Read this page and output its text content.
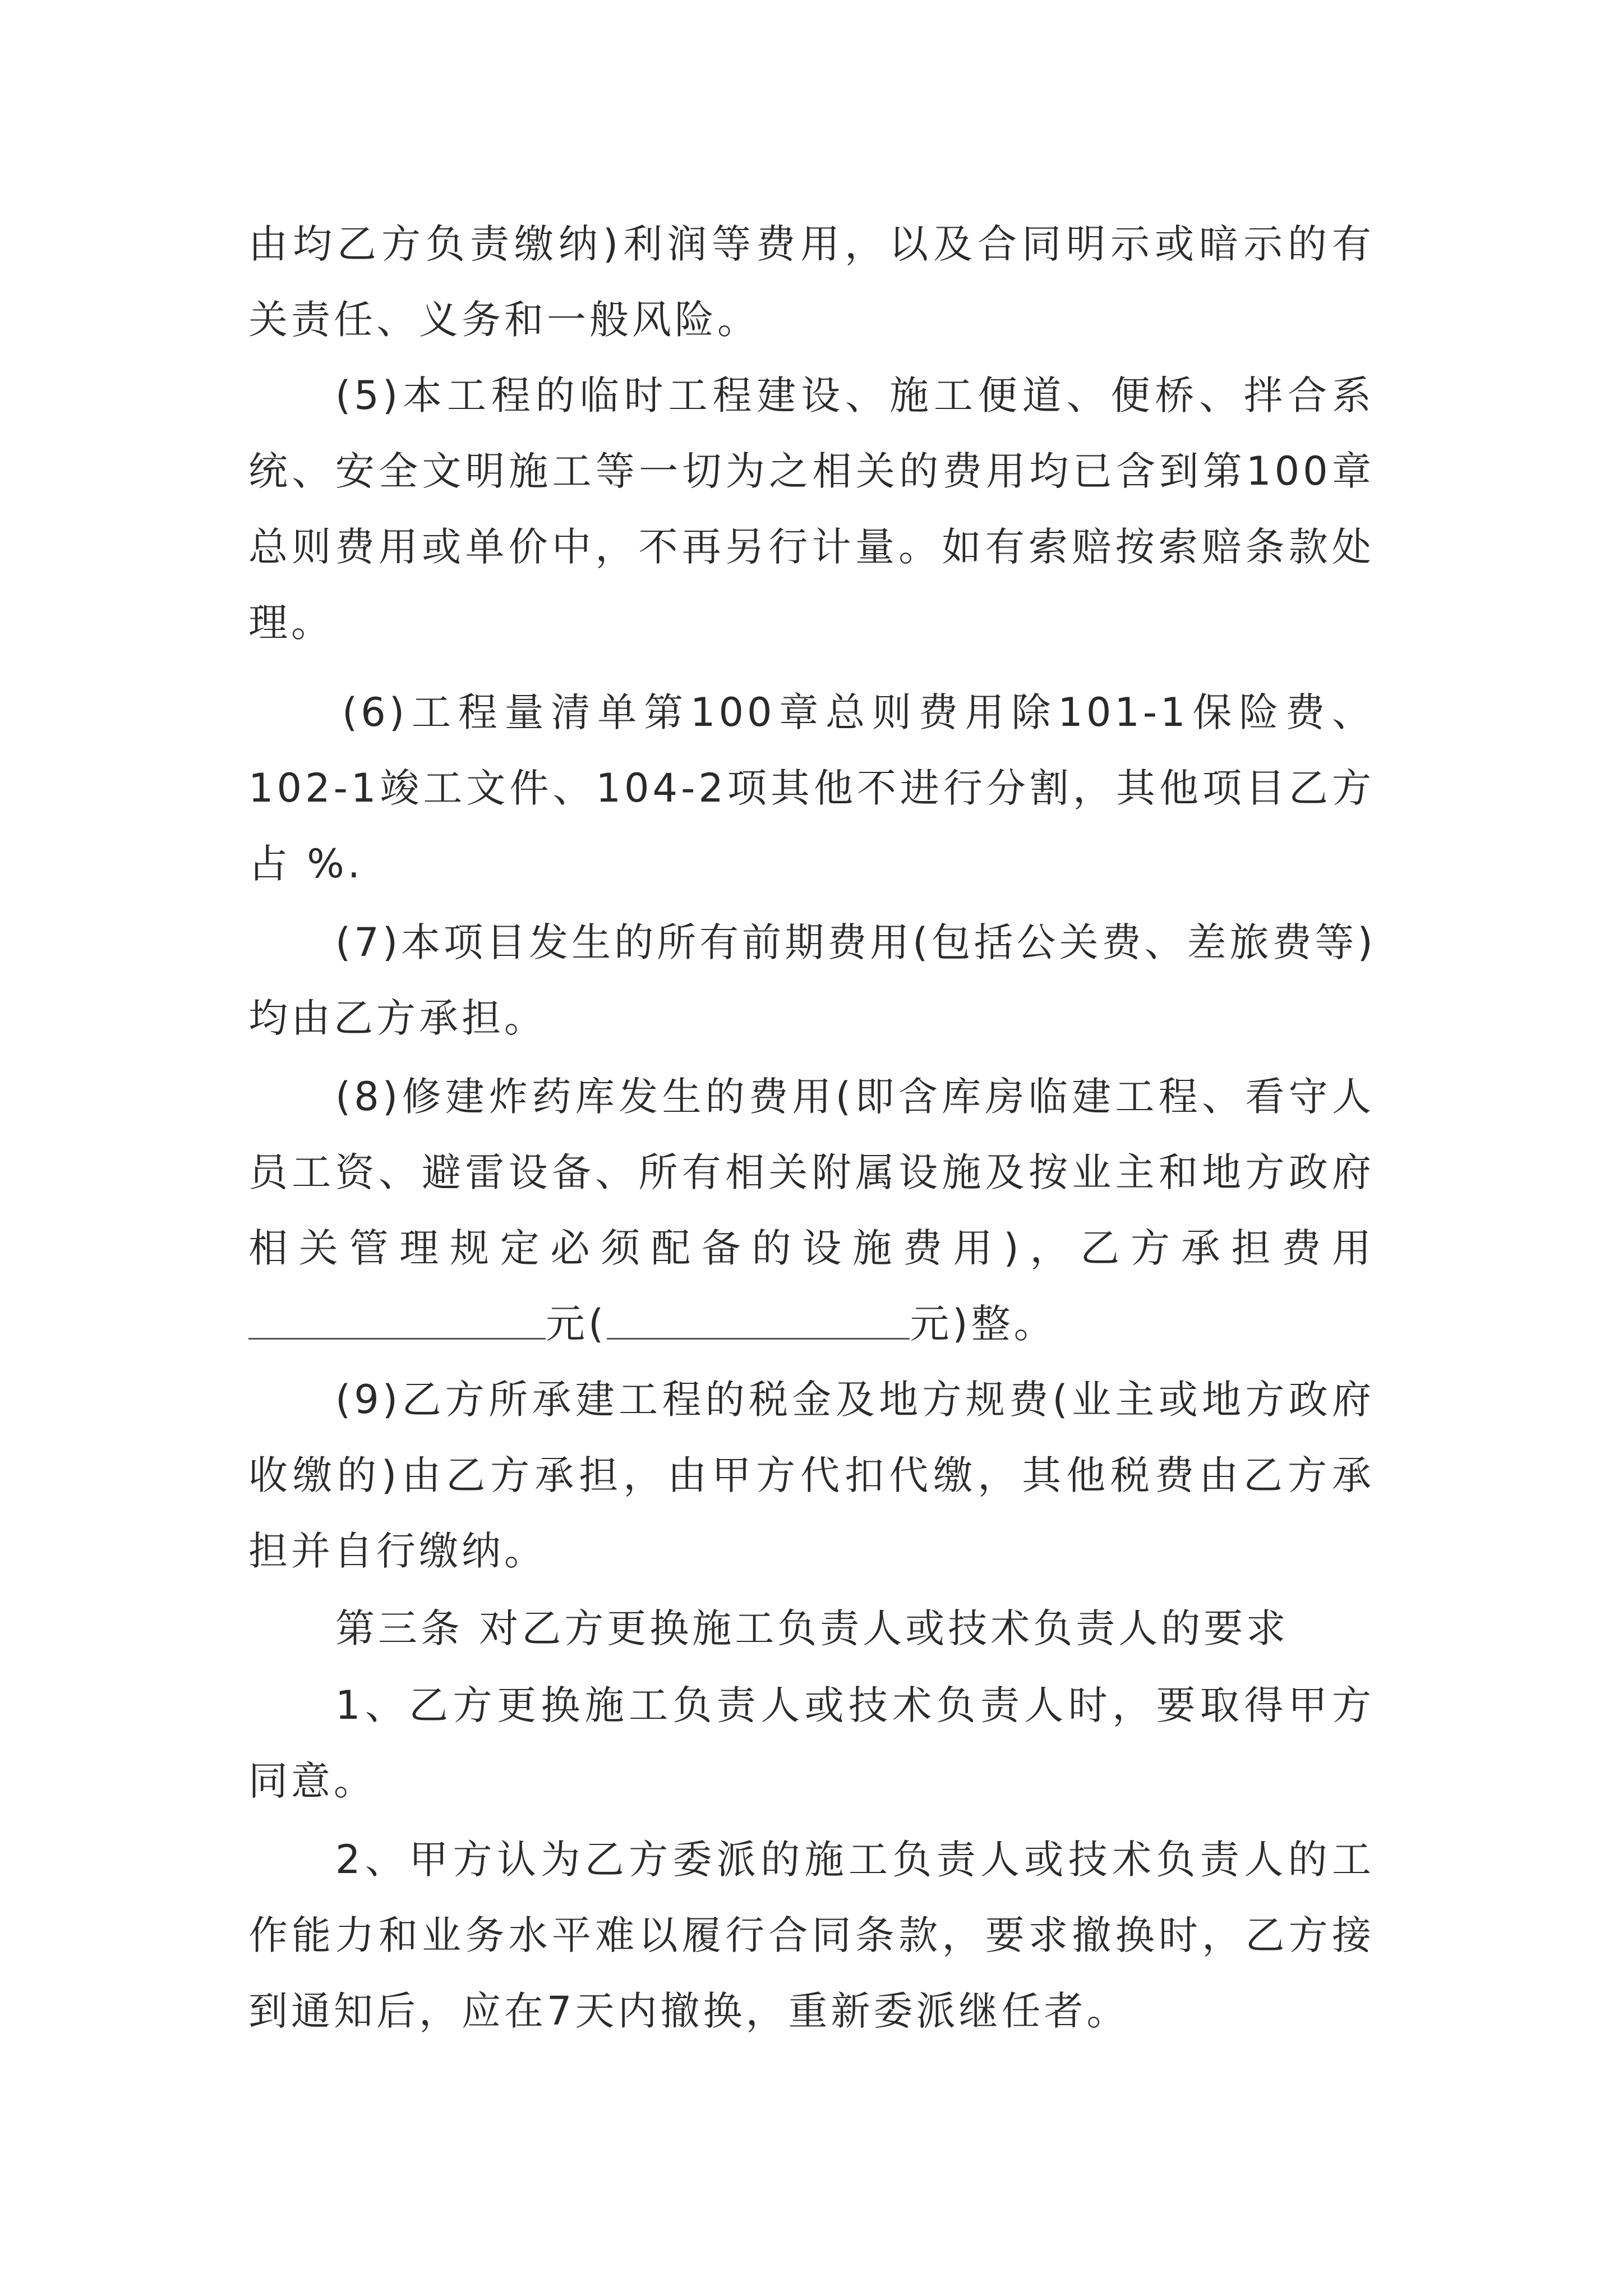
由均乙方负责缴纳)利润等费用，以及合同明示或暗示的有
关责任、义务和一般风险。
(5)本工程的临时工程建设、施工便道、便桥、拌合系
统、安全文明施工等一切为之相关的费用均已含到第100章
总则费用或单价中，不再另行计量。如有索赔按索赔条款处
理。
(6)工程量清单第100章总则费用除101-1保险费、
102-1竣工文件、104-2项其他不进行分割，其他项目乙方
占 %.
(7)本项目发生的所有前期费用(包括公关费、差旅费等)
均由乙方承担。
(8)修建炸药库发生的费用(即含库房临建工程、看守人
员工资、避雷设备、所有相关附属设施及按业主和地方政府
相关管理规定必须配备的设施费用)，乙方承担费用
元(	元)整。
(9)乙方所承建工程的税金及地方规费(业主或地方政府
收缴的)由乙方承担，由甲方代扣代缴，其他税费由乙方承
担并自行缴纳。
第三条 对乙方更换施工负责人或技术负责人的要求
1、乙方更换施工负责人或技术负责人时，要取得甲方
同意。
2、甲方认为乙方委派的施工负责人或技术负责人的工
作能力和业务水平难以履行合同条款，要求撤换时，乙方接
到通知后，应在7天内撤换，重新委派继任者。
